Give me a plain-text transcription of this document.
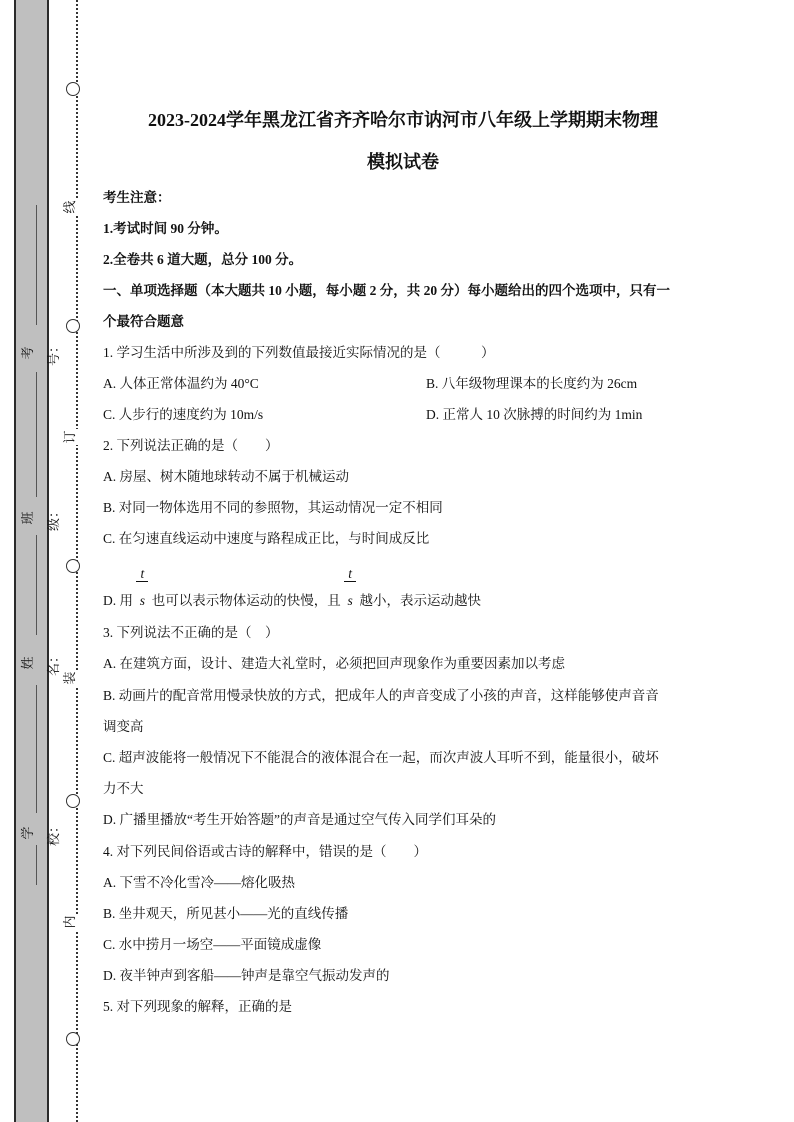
考号：
班级：
姓名：
学校：
线
订
装
内
2023-2024学年黑龙江省齐齐哈尔市讷河市八年级上学期期末物理
模拟试卷
考生注意：
1.考试时间 90 分钟。
2.全卷共 6 道大题，总分 100 分。
一、单项选择题（本大题共 10 小题，每小题 2 分，共 20 分）每小题给出的四个选项中，只有一
个最符合题意
1. 学习生活中所涉及到的下列数值最接近实际情况的是（　　　）
A. 人体正常体温约为 40°C	B. 八年级物理课本的长度约为 26cm
C. 人步行的速度约为 10m/s	D. 正常人 10 次脉搏的时间约为 1min
2. 下列说法正确的是（　　）
A. 房屋、树木随地球转动不属于机械运动
B. 对同一物体选用不同的参照物，其运动情况一定不相同
C. 在匀速直线运动中速度与路程成正比，与时间成反比
D. 用 $\frac{t}{s}$ 也可以表示物体运动的快慢，且 $\frac{t}{s}$ 越小，表示运动越快
3. 下列说法不正确的是（　）
A. 在建筑方面，设计、建造大礼堂时，必须把回声现象作为重要因素加以考虑
B. 动画片的配音常用慢录快放的方式，把成年人的声音变成了小孩的声音，这样能够使声音音
调变高
C. 超声波能将一般情况下不能混合的液体混合在一起，而次声波人耳听不到，能量很小，破坏
力不大
D. 广播里播放“考生开始答题”的声音是通过空气传入同学们耳朵的
4. 对下列民间俗语或古诗的解释中，错误的是（　　）
A. 下雪不冷化雪冷——熔化吸热
B. 坐井观天，所见甚小——光的直线传播
C. 水中捞月一场空——平面镜成虚像
D. 夜半钟声到客船——钟声是靠空气振动发声的
5. 对下列现象的解释，正确的是
